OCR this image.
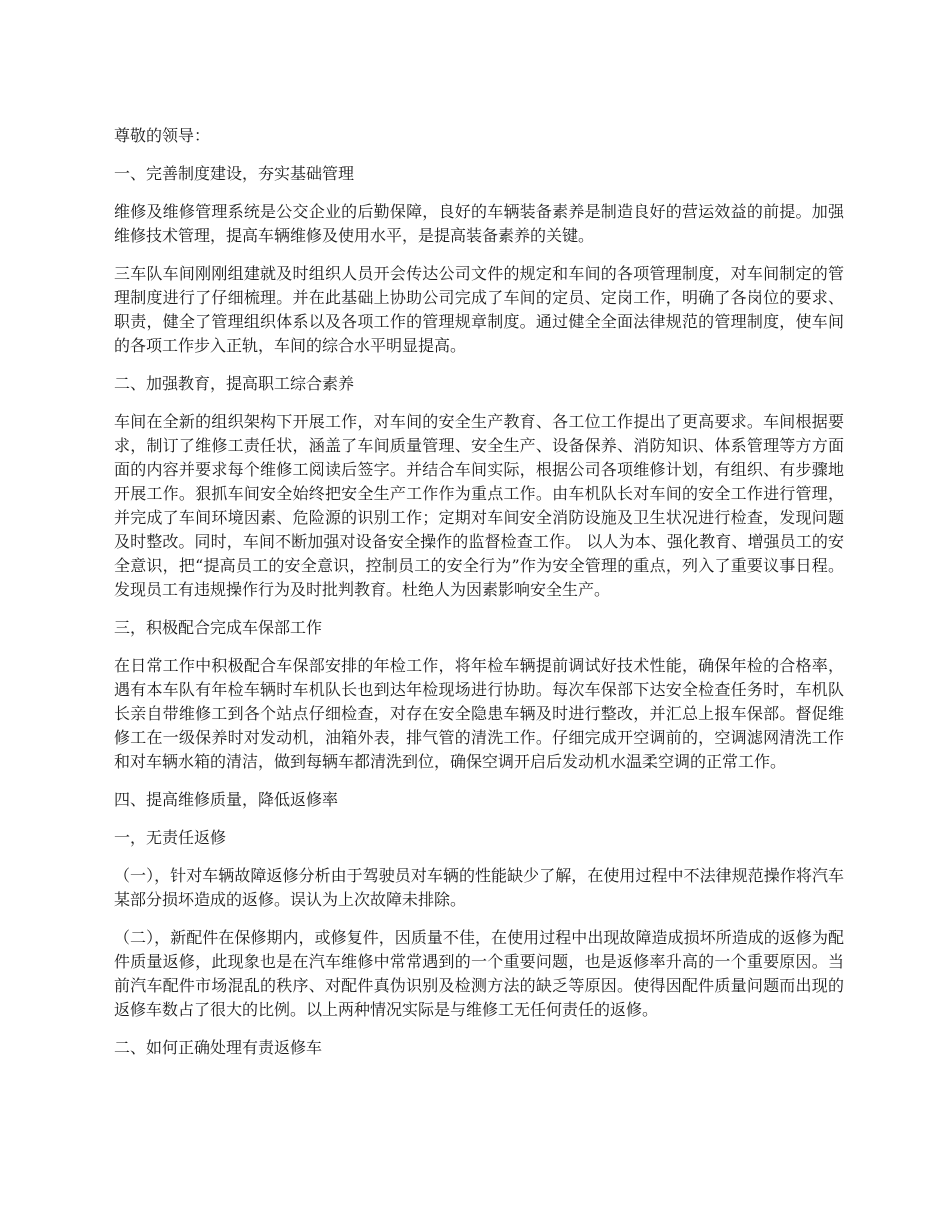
尊敬的领导：

一、完善制度建设，夯实基础管理

维修及维修管理系统是公交企业的后勤保障，良好的车辆装备素养是制造良好的营运效益的前提。加强维修技术管理，提高车辆维修及使用水平，是提高装备素养的关键。

三车队车间刚刚组建就及时组织人员开会传达公司文件的规定和车间的各项管理制度，对车间制定的管理制度进行了仔细梳理。并在此基础上协助公司完成了车间的定员、定岗工作，明确了各岗位的要求、职责，健全了管理组织体系以及各项工作的管理规章制度。通过健全全面法律规范的管理制度，使车间的各项工作步入正轨，车间的综合水平明显提高。

二、加强教育，提高职工综合素养

车间在全新的组织架构下开展工作，对车间的安全生产教育、各工位工作提出了更高要求。车间根据要求，制订了维修工责任状，涵盖了车间质量管理、安全生产、设备保养、消防知识、体系管理等方方面面的内容并要求每个维修工阅读后签字。并结合车间实际，根据公司各项维修计划，有组织、有步骤地开展工作。狠抓车间安全始终把安全生产工作作为重点工作。由车机队长对车间的安全工作进行管理，并完成了车间环境因素、危险源的识别工作；定期对车间安全消防设施及卫生状况进行检查，发现问题及时整改。同时，车间不断加强对设备安全操作的监督检查工作。 以人为本、强化教育、增强员工的安全意识，把“提高员工的安全意识，控制员工的安全行为”作为安全管理的重点，列入了重要议事日程。发现员工有违规操作行为及时批判教育。杜绝人为因素影响安全生产。

三，积极配合完成车保部工作

在日常工作中积极配合车保部安排的年检工作，将年检车辆提前调试好技术性能，确保年检的合格率，遇有本车队有年检车辆时车机队长也到达年检现场进行协助。每次车保部下达安全检查任务时，车机队长亲自带维修工到各个站点仔细检查，对存在安全隐患车辆及时进行整改，并汇总上报车保部。督促维修工在一级保养时对发动机，油箱外表，排气管的清洗工作。仔细完成开空调前的，空调滤网清洗工作和对车辆水箱的清洁，做到每辆车都清洗到位，确保空调开启后发动机水温柔空调的正常工作。

四、提高维修质量，降低返修率

一，无责任返修

（一），针对车辆故障返修分析由于驾驶员对车辆的性能缺少了解，在使用过程中不法律规范操作将汽车某部分损坏造成的返修。误认为上次故障未排除。

（二），新配件在保修期内，或修复件，因质量不佳，在使用过程中出现故障造成损坏所造成的返修为配件质量返修，此现象也是在汽车维修中常常遇到的一个重要问题，也是返修率升高的一个重要原因。当前汽车配件市场混乱的秩序、对配件真伪识别及检测方法的缺乏等原因。使得因配件质量问题而出现的返修车数占了很大的比例。以上两种情况实际是与维修工无任何责任的返修。

二、如何正确处理有责返修车
